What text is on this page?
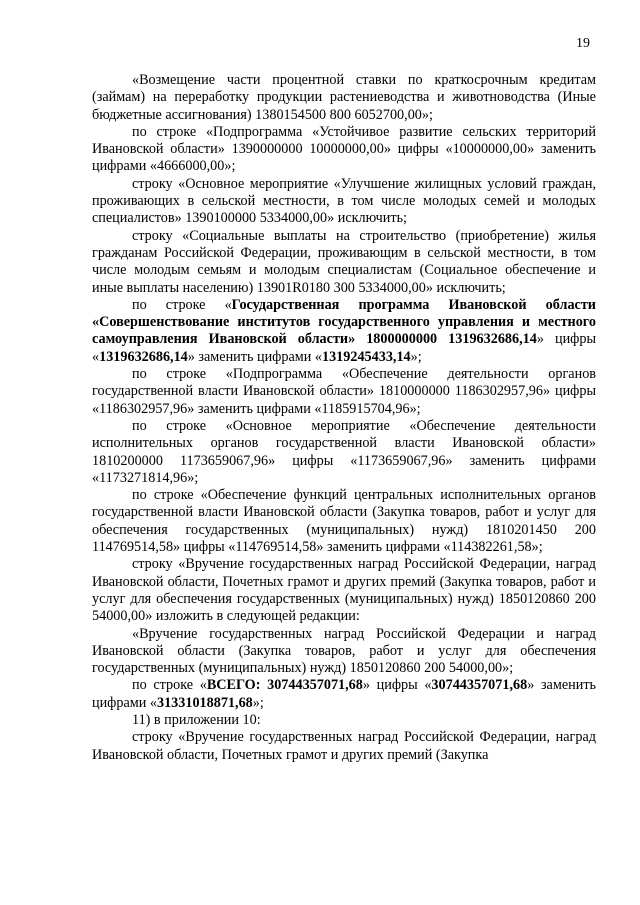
19

«Возмещение части процентной ставки по краткосрочным кредитам (займам) на переработку продукции растениеводства и животноводства (Иные бюджетные ассигнования) 1380154500 800 6052700,00»;

по строке «Подпрограмма «Устойчивое развитие сельских территорий Ивановской области» 1390000000 10000000,00» цифры «10000000,00» заменить цифрами «4666000,00»;

строку «Основное мероприятие «Улучшение жилищных условий граждан, проживающих в сельской местности, в том числе молодых семей и молодых специалистов» 1390100000 5334000,00» исключить;

строку «Социальные выплаты на строительство (приобретение) жилья гражданам Российской Федерации, проживающим в сельской местности, в том числе молодым семьям и молодым специалистам (Социальное обеспечение и иные выплаты населению) 13901R0180 300 5334000,00» исключить;

по строке «Государственная программа Ивановской области «Совершенствование институтов государственного управления и местного самоуправления Ивановской области» 1800000000 1319632686,14» цифры «1319632686,14» заменить цифрами «1319245433,14»;

по строке «Подпрограмма «Обеспечение деятельности органов государственной власти Ивановской области» 1810000000 1186302957,96» цифры «1186302957,96» заменить цифрами «1185915704,96»;

по строке «Основное мероприятие «Обеспечение деятельности исполнительных органов государственной власти Ивановской области» 1810200000 1173659067,96» цифры «1173659067,96» заменить цифрами «1173271814,96»;

по строке «Обеспечение функций центральных исполнительных органов государственной власти Ивановской области (Закупка товаров, работ и услуг для обеспечения государственных (муниципальных) нужд) 1810201450 200 114769514,58» цифры «114769514,58» заменить цифрами «114382261,58»;

строку «Вручение государственных наград Российской Федерации, наград Ивановской области, Почетных грамот и других премий (Закупка товаров, работ и услуг для обеспечения государственных (муниципальных) нужд) 1850120860 200 54000,00» изложить в следующей редакции:

«Вручение государственных наград Российской Федерации и наград Ивановской области (Закупка товаров, работ и услуг для обеспечения государственных (муниципальных) нужд) 1850120860 200 54000,00»;

по строке «ВСЕГО: 30744357071,68» цифры «30744357071,68» заменить цифрами «31331018871,68»;

11) в приложении 10:

строку «Вручение государственных наград Российской Федерации, наград Ивановской области, Почетных грамот и других премий (Закупка
